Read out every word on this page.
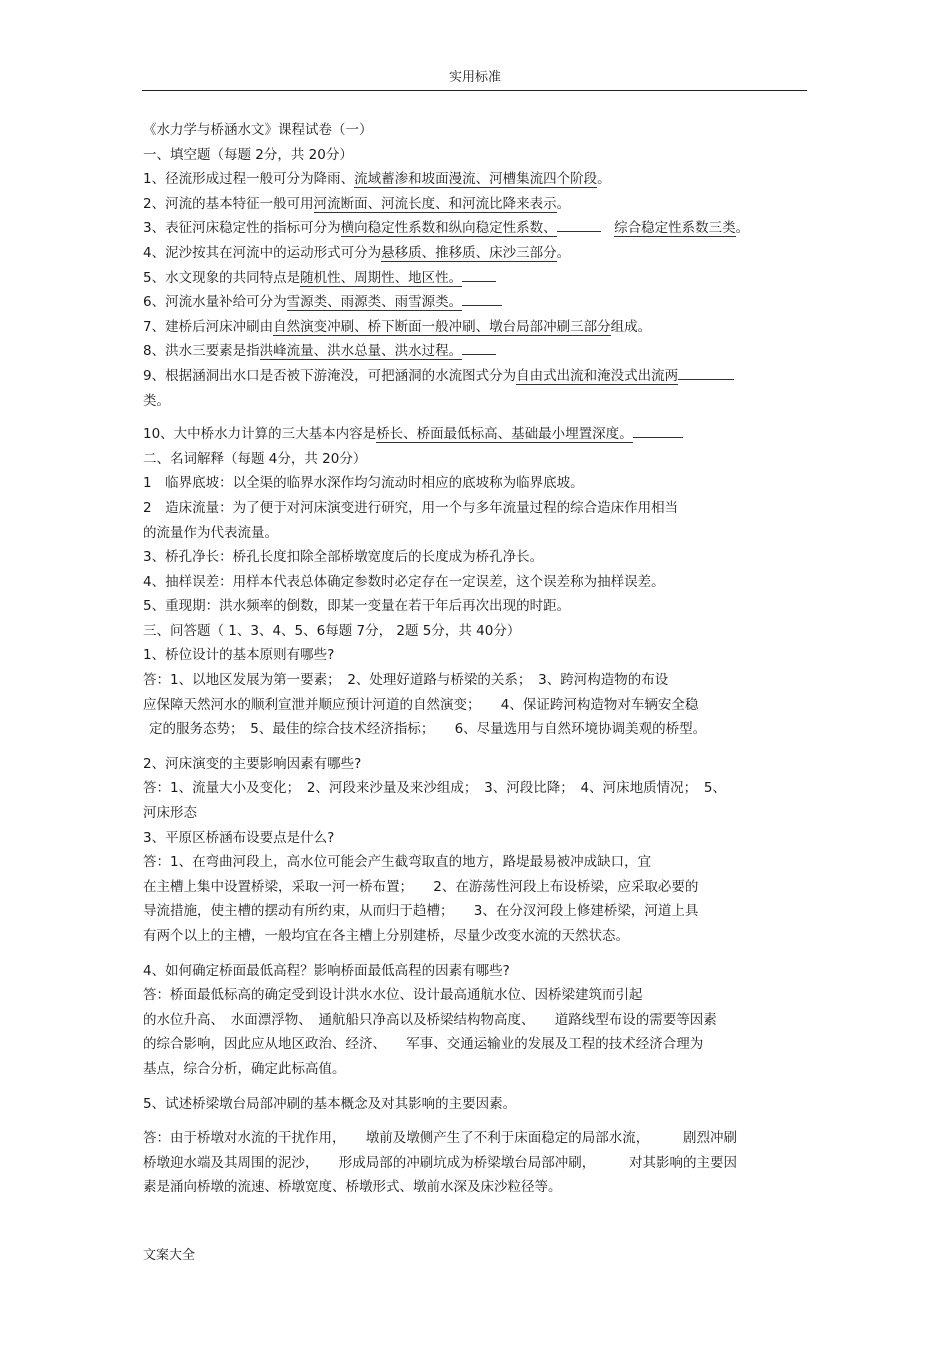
实用标准

《水力学与桥涵水文》课程试卷（一）

一、填空题（每题 2分，共 20分）

1、径流形成过程一般可分为降雨、流域蓄渗和坡面漫流、河槽集流四个阶段。

2、河流的基本特征一般可用河流断面、河流长度、和河流比降来表示。

3、表征河床稳定性的指标可分为横向稳定性系数和纵向稳定性系数、 	综合稳定性系数三类。

4、泥沙按其在河流中的运动形式可分为悬移质、推移质、床沙三部分。

5、水文现象的共同特点是随机性、周期性、地区性。

6、河流水量补给可分为雪源类、雨源类、雨雪源类。

7、建桥后河床冲刷由自然演变冲刷、桥下断面一般冲刷、墩台局部冲刷三部分组成。

8、洪水三要素是指洪峰流量、洪水总量、洪水过程。

9、根据涵洞出水口是否被下游淹没，可把涵洞的水流图式分为自由式出流和淹没式出流两

类。

10、大中桥水力计算的三大基本内容是桥长、桥面最低标高、基础最小埋置深度。

二、名词解释（每题 4分，共 20分）

1　临界底坡：以全渠的临界水深作均匀流动时相应的底坡称为临界底坡。

2　造床流量：为了便于对河床演变进行研究，用一个与多年流量过程的综合造床作用相当

的流量作为代表流量。

3、桥孔净长：桥孔长度扣除全部桥墩宽度后的长度成为桥孔净长。

4、抽样误差：用样本代表总体确定参数时必定存在一定误差，这个误差称为抽样误差。

5、重现期：洪水频率的倒数，即某一变量在若干年后再次出现的时距。

三、问答题（ 1、3、4、5、6每题 7分， 2题 5分，共 40分）

1、桥位设计的基本原则有哪些?

答：1、以地区发展为第一要素；　2、处理好道路与桥梁的关系；　3、跨河构造物的布设

应保障天然河水的顺利宣泄并顺应预计河道的自然演变；　　4、保证跨河构造物对车辆安全稳

定的服务态势；　5、最佳的综合技术经济指标；　　6、尽量选用与自然环境协调美观的桥型。

2、河床演变的主要影响因素有哪些?

答：1、流量大小及变化；　2、河段来沙量及来沙组成；　3、河段比降；　4、河床地质情况；　5、

河床形态

3、平原区桥涵布设要点是什么?

答：1、在弯曲河段上，高水位可能会产生截弯取直的地方，路堤最易被冲成缺口，宜

在主槽上集中设置桥梁，采取一河一桥布置；　　2、在游荡性河段上布设桥梁，应采取必要的

导流措施，使主槽的摆动有所约束，从而归于趋槽；　　3、在分汊河段上修建桥梁，河道上具

有两个以上的主槽，一般均宜在各主槽上分别建桥，尽量少改变水流的天然状态。

4、如何确定桥面最低高程？影响桥面最低高程的因素有哪些?

答：桥面最低标高的确定受到设计洪水水位、设计最高通航水位、因桥梁建筑而引起

的水位升高、　水面漂浮物、　通航船只净高以及桥梁结构物高度、　　道路线型布设的需要等因素

的综合影响，因此应从地区政治、经济、　　军事、交通运输业的发展及工程的技术经济合理为

基点，综合分析，确定此标高值。

5、试述桥梁墩台局部冲刷的基本概念及对其影响的主要因素。

答：由于桥墩对水流的干扰作用，　　墩前及墩侧产生了不利于床面稳定的局部水流，　　　剧烈冲刷

桥墩迎水端及其周围的泥沙，　　形成局部的冲刷坑成为桥梁墩台局部冲刷，　　　对其影响的主要因

素是涌向桥墩的流速、桥墩宽度、桥墩形式、墩前水深及床沙粒径等。

文案大全
